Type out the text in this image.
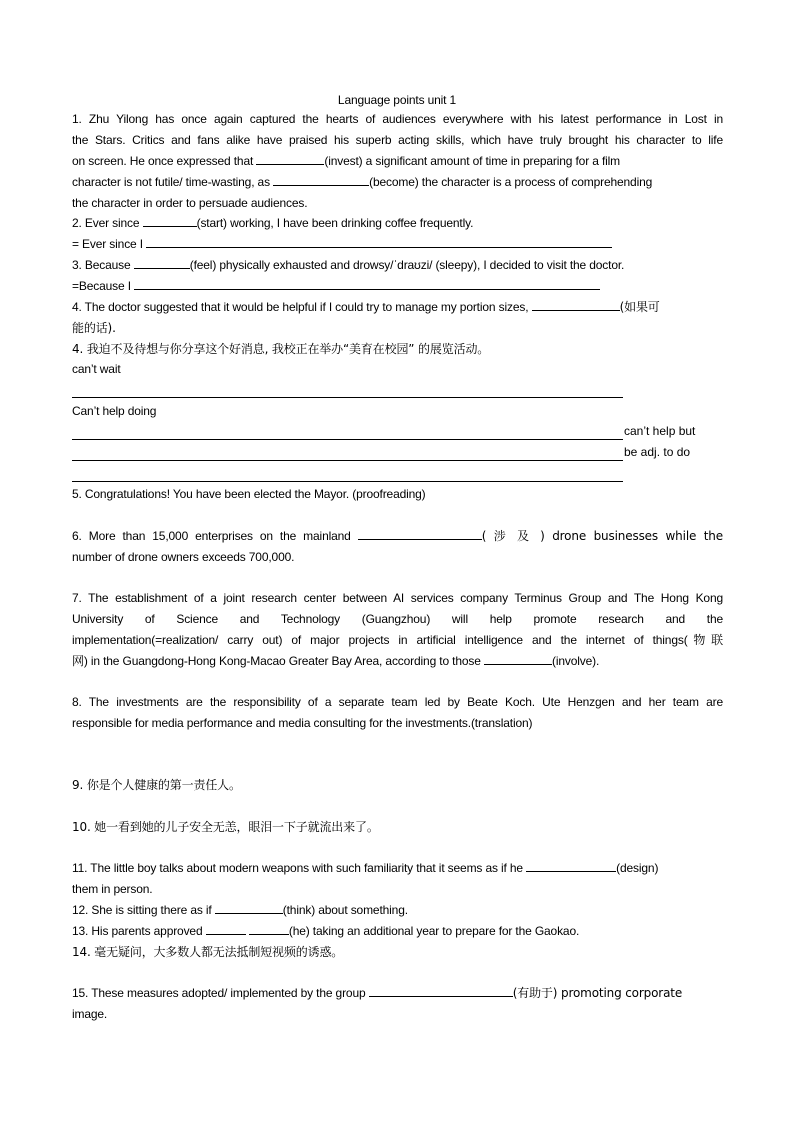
Language points unit 1
1. Zhu Yilong has once again captured the hearts of audiences everywhere with his latest performance in Lost in
the Stars. Critics and fans alike have praised his superb acting skills, which have truly brought his character to life
on screen. He once expressed that	(invest) a significant amount of time in preparing for a film
character is not futile/ time-wasting, as	(become) the character is a process of comprehending
the character in order to persuade audiences.
2. Ever since	(start) working, I have been drinking coffee frequently.
= Ever since I
3. Because	(feel) physically exhausted and drowsy/ˈdraʊzi/ (sleepy), I decided to visit the doctor.
=Because I
4. The doctor suggested that it would be helpful if I could try to manage my portion sizes,	(如果可
能的话).
4. 我迫不及待想与你分享这个好消息, 我校正在举办“美育在校园” 的展览活动。
can’t wait
Can’t help doing
can’t help but
be adj. to do
5. Congratulations! You have been elected the Mayor. (proofreading)
6. More than 15,000 enterprises on the mainland	( 涉 及 ) drone businesses while the
number of drone owners exceeds 700,000.
7. The establishment of a joint research center between AI services company Terminus Group and The Hong Kong
University of Science and Technology (Guangzhou) will help promote research and the
implementation(=realization/ carry out) of major projects in artificial intelligence and the internet of things(物联
网) in the Guangdong-Hong Kong-Macao Greater Bay Area, according to those	(involve).
8. The investments are the responsibility of a separate team led by Beate Koch. Ute Henzgen and her team are
responsible for media performance and media consulting for the investments.(translation)
9. 你是个人健康的第一责任人。
10. 她一看到她的儿子安全无恙，眼泪一下子就流出来了。
11. The little boy talks about modern weapons with such familiarity that it seems as if he	(design)
them in person.
12. She is sitting there as if	(think) about something.
13. His parents approved	(he) taking an additional year to prepare for the Gaokao.
14. 毫无疑问，大多数人都无法抵制短视频的诱惑。
15. These measures adopted/ implemented by the group	(有助于) promoting corporate
image.
